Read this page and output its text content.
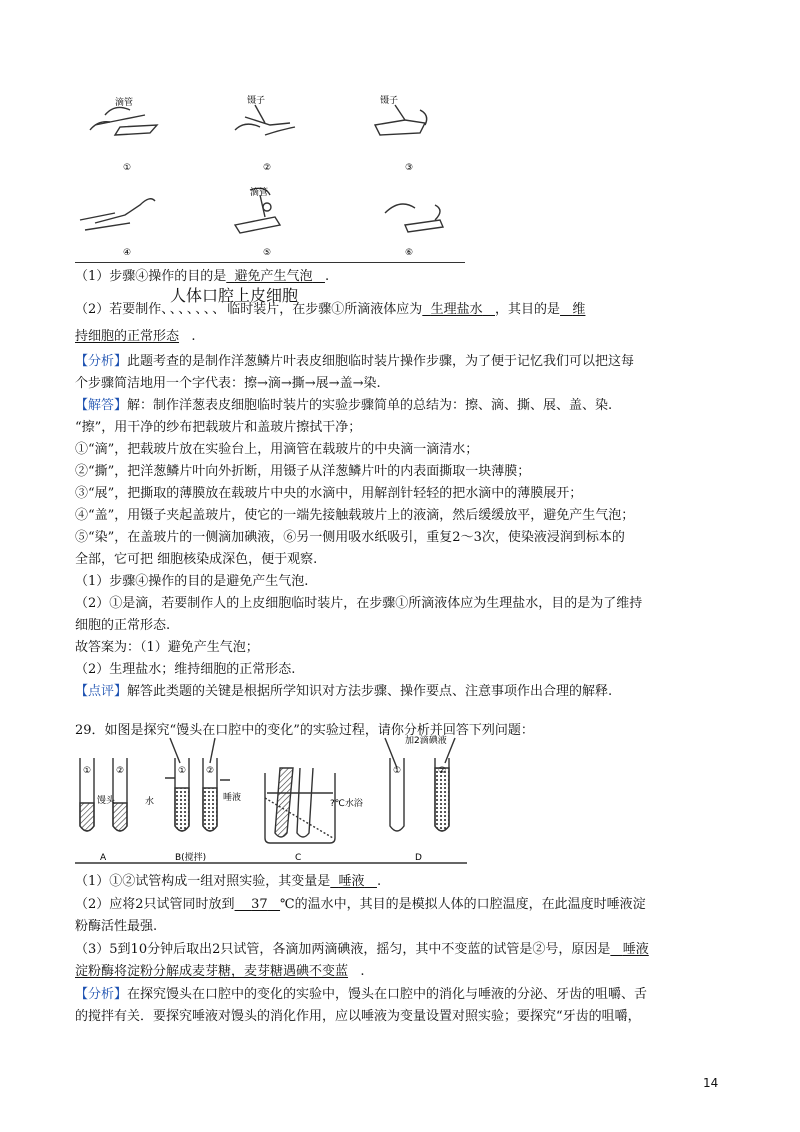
滴管	镊子	镊子
滴管
①	②	③
④	⑤	⑥
（1）步骤④操作的目的是 避免产生气泡 .
人体口腔上皮细胞
（2）若要制作、、、、、、、临时装片，在步骤①所滴液体应为 生理盐水 ，其目的是 维
持细胞的正常形态 .
【分析】此题考查的是制作洋葱鳞片叶表皮细胞临时装片操作步骤，为了便于记忆我们可以把这每
个步骤简洁地用一个字代表：擦→滴→撕→展→盖→染.
【解答】解：制作洋葱表皮细胞临时装片的实验步骤简单的总结为：擦、滴、撕、展、盖、染.
“擦”，用干净的纱布把载玻片和盖玻片擦拭干净；
①“滴”，把载玻片放在实验台上，用滴管在载玻片的中央滴一滴清水；
②“撕”，把洋葱鳞片叶向外折断，用镊子从洋葱鳞片叶的内表面撕取一块薄膜；
③“展”，把撕取的薄膜放在载玻片中央的水滴中，用解剖针轻轻的把水滴中的薄膜展开；
④“盖”，用镊子夹起盖玻片，使它的一端先接触载玻片上的液滴，然后缓缓放平，避免产生气泡；
⑤“染”，在盖玻片的一侧滴加碘液，⑥另一侧用吸水纸吸引，重复2～3次，使染液浸润到标本的
全部，它可把 细胞核染成深色，便于观察.
（1）步骤④操作的目的是避免产生气泡.
（2）①是滴，若要制作人的上皮细胞临时装片，在步骤①所滴液体应为生理盐水，目的是为了维持
细胞的正常形态.
故答案为：（1）避免产生气泡；
（2）生理盐水；维持细胞的正常形态.
【点评】解答此类题的关键是根据所学知识对方法步骤、操作要点、注意事项作出合理的解释.
29．如图是探究“馒头在口腔中的变化”的实验过程，请你分析并回答下列问题：
①	②
馒头	水	唾液
① ②
?℃水浴
①	②
加2滴碘液
A	B(搅拌)	C	D
（1）①②试管构成一组对照实验，其变量是 唾液 .
（2）应将2只试管同时放到 37 ℃的温水中，其目的是模拟人体的口腔温度，在此温度时唾液淀
粉酶活性最强.
（3）5到10分钟后取出2只试管，各滴加两滴碘液，摇匀，其中不变蓝的试管是②号，原因是 唾液
淀粉酶将淀粉分解成麦芽糖，麦芽糖遇碘不变蓝 .
【分析】在探究馒头在口腔中的变化的实验中，馒头在口腔中的消化与唾液的分泌、牙齿的咀嚼、舌
的搅拌有关．要探究唾液对馒头的消化作用，应以唾液为变量设置对照实验；要探究“牙齿的咀嚼，
14
